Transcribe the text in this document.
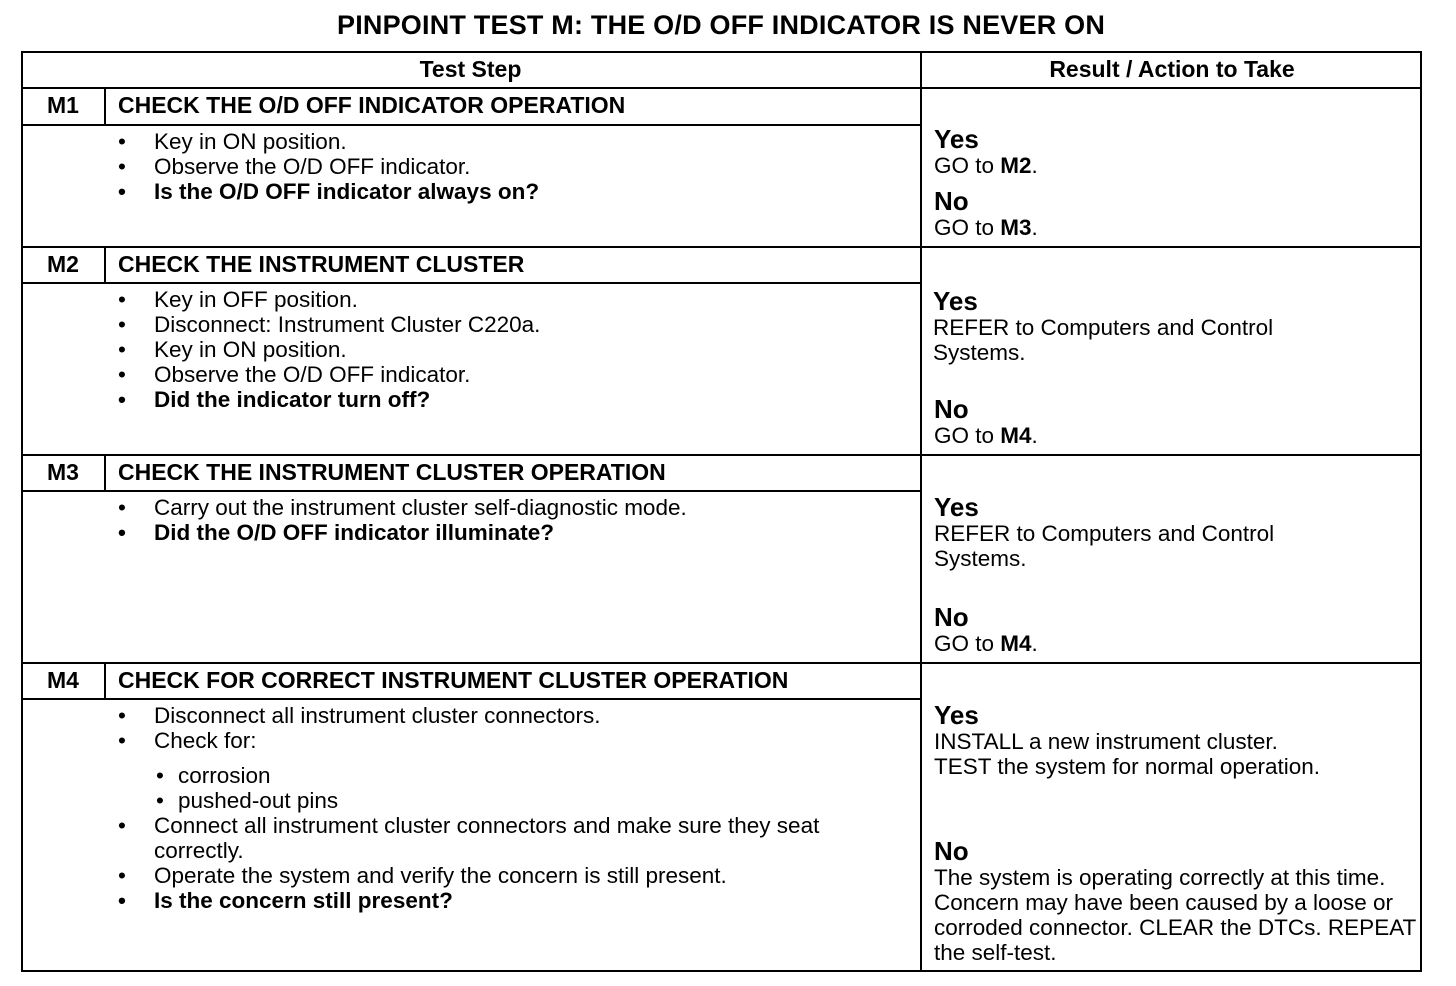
PINPOINT TEST M: THE O/D OFF INDICATOR IS NEVER ON
Test Step	Result / Action to Take
M1	CHECK THE O/D OFF INDICATOR OPERATION
• Key in ON position.
• Observe the O/D OFF indicator.
• Is the O/D OFF indicator always on?
Yes
GO to M2.
No
GO to M3.
M2	CHECK THE INSTRUMENT CLUSTER
• Key in OFF position.
• Disconnect: Instrument Cluster C220a.
• Key in ON position.
• Observe the O/D OFF indicator.
• Did the indicator turn off?
Yes
REFER to Computers and Control Systems.
No
GO to M4.
M3	CHECK THE INSTRUMENT CLUSTER OPERATION
• Carry out the instrument cluster self-diagnostic mode.
• Did the O/D OFF indicator illuminate?
Yes
REFER to Computers and Control Systems.
No
GO to M4.
M4	CHECK FOR CORRECT INSTRUMENT CLUSTER OPERATION
• Disconnect all instrument cluster connectors.
• Check for:
• corrosion
• pushed-out pins
• Connect all instrument cluster connectors and make sure they seat correctly.
• Operate the system and verify the concern is still present.
• Is the concern still present?
Yes
INSTALL a new instrument cluster.
TEST the system for normal operation.
No
The system is operating correctly at this time. Concern may have been caused by a loose or corroded connector. CLEAR the DTCs. REPEAT the self-test.
